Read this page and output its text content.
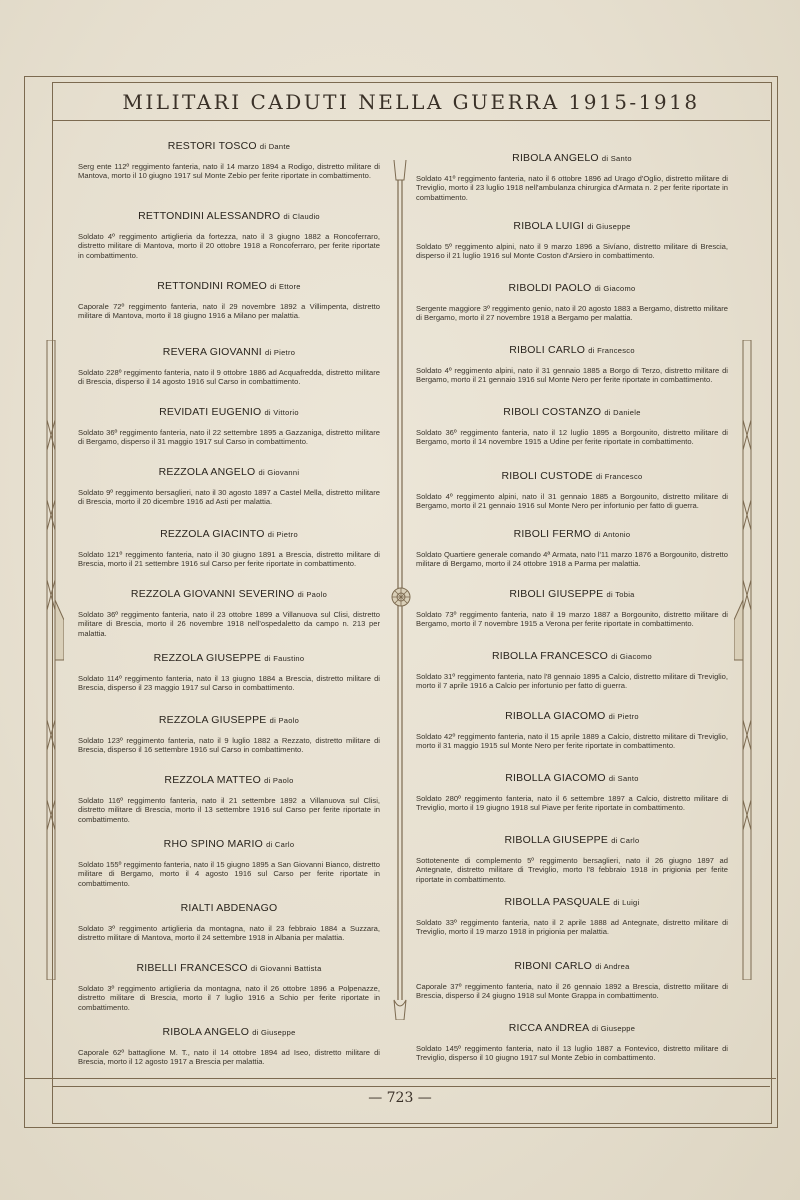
MILITARI CADUTI NELLA GUERRA 1915-1918
RESTORI TOSCO di Dante
Serg ente 112º reggimento fanteria, nato il 14 marzo 1894 a Rodigo, distretto militare di Mantova, morto il 10 giugno 1917 sul Monte Zebio per ferite riportate in combattimento.
RETTONDINI ALESSANDRO di Claudio
Soldato 4º reggimento artiglieria da fortezza, nato il 3 giugno 1882 a Roncoferraro, distretto militare di Mantova, morto il 20 ottobre 1918 a Roncoferraro, per ferite riportate in combattimento.
RETTONDINI ROMEO di Ettore
Caporale 72º reggimento fanteria, nato il 29 novembre 1892 a Villimpenta, distretto militare di Mantova, morto il 18 giugno 1916 a Milano per malattia.
REVERA GIOVANNI di Pietro
Soldato 228º reggimento fanteria, nato il 9 ottobre 1886 ad Acquafredda, distretto militare di Brescia, disperso il 14 agosto 1916 sul Carso in combattimento.
REVIDATI EUGENIO di Vittorio
Soldato 36º reggimento fanteria, nato il 22 settembre 1895 a Gazzaniga, distretto militare di Bergamo, disperso il 31 maggio 1917 sul Carso in combattimento.
REZZOLA ANGELO di Giovanni
Soldato 9º reggimento bersaglieri, nato il 30 agosto 1897 a Castel Mella, distretto militare di Brescia, morto il 20 dicembre 1916 ad Asti per malattia.
REZZOLA GIACINTO di Pietro
Soldato 121º reggimento fanteria, nato il 30 giugno 1891 a Brescia, distretto militare di Brescia, morto il 21 settembre 1916 sul Carso per ferite riportate in combattimento.
REZZOLA GIOVANNI SEVERINO di Paolo
Soldato 36º reggimento fanteria, nato il 23 ottobre 1899 a Villanuova sul Clisi, distretto militare di Brescia, morto il 26 novembre 1918 nell'ospedaletto da campo n. 213 per malattia.
REZZOLA GIUSEPPE di Faustino
Soldato 114º reggimento fanteria, nato il 13 giugno 1884 a Brescia, distretto militare di Brescia, disperso il 23 maggio 1917 sul Carso in combattimento.
REZZOLA GIUSEPPE di Paolo
Soldato 123º reggimento fanteria, nato il 9 luglio 1882 a Rezzato, distretto militare di Brescia, disperso il 16 settembre 1916 sul Carso in combattimento.
REZZOLA MATTEO di Paolo
Soldato 116º reggimento fanteria, nato il 21 settembre 1892 a Villanuova sul Clisi, distretto militare di Brescia, morto il 13 settembre 1916 sul Carso per ferite riportate in combattimento.
RHO SPINO MARIO di Carlo
Soldato 155º reggimento fanteria, nato il 15 giugno 1895 a San Giovanni Bianco, distretto militare di Bergamo, morto il 4 agosto 1916 sul Carso per ferite riportate in combattimento.
RIALTI ABDENAGO
Soldato 3º reggimento artiglieria da montagna, nato il 23 febbraio 1884 a Suzzara, distretto militare di Mantova, morto il 24 settembre 1918 in Albania per malattia.
RIBELLI FRANCESCO di Giovanni Battista
Soldato 3º reggimento artiglieria da montagna, nato il 26 ottobre 1896 a Polpenazze, distretto militare di Brescia, morto il 7 luglio 1916 a Schio per ferite riportate in combattimento.
RIBOLA ANGELO di Giuseppe
Caporale 62º battaglione M. T., nato il 14 ottobre 1894 ad Iseo, distretto militare di Brescia, morto il 12 agosto 1917 a Brescia per malattia.
RIBOLA ANGELO di Santo
Soldato 41º reggimento fanteria, nato il 6 ottobre 1896 ad Urago d'Oglio, distretto militare di Treviglio, morto il 23 luglio 1918 nell'ambulanza chirurgica d'Armata n. 2 per ferite riportate in combattimento.
RIBOLA LUIGI di Giuseppe
Soldato 5º reggimento alpini, nato il 9 marzo 1896 a Sivíano, distretto militare di Brescia, disperso il 21 luglio 1916 sul Monte Coston d'Arsiero in combattimento.
RIBOLDI PAOLO di Giacomo
Sergente maggiore 3º reggimento genio, nato il 20 agosto 1883 a Bergamo, distretto militare di Bergamo, morto il 27 novembre 1918 a Bergamo per malattia.
RIBOLI CARLO di Francesco
Soldato 4º reggimento alpini, nato il 31 gennaio 1885 a Borgo di Terzo, distretto militare di Bergamo, morto il 21 gennaio 1916 sul Monte Nero per ferite riportate in combattimento.
RIBOLI COSTANZO di Daniele
Soldato 36º reggimento fanteria, nato il 12 luglio 1895 a Borgounito, distretto militare di Bergamo, morto il 14 novembre 1915 a Udine per ferite riportate in combattimento.
RIBOLI CUSTODE di Francesco
Soldato 4º reggimento alpini, nato il 31 gennaio 1885 a Borgounito, distretto militare di Bergamo, morto il 21 gennaio 1916 sul Monte Nero per infortunio per fatto di guerra.
RIBOLI FERMO di Antonio
Soldato Quartiere generale comando 4ª Armata, nato l'11 marzo 1876 a Borgounito, distretto militare di Bergamo, morto il 24 ottobre 1918 a Parma per malattia.
RIBOLI GIUSEPPE di Tobia
Soldato 73º reggimento fanteria, nato il 19 marzo 1887 a Borgounito, distretto militare di Bergamo, morto il 7 novembre 1915 a Verona per ferite riportate in combattimento.
RIBOLLA FRANCESCO di Giacomo
Soldato 31º reggimento fanteria, nato l'8 gennaio 1895 a Calcio, distretto militare di Treviglio, morto il 7 aprile 1916 a Calcio per infortunio per fatto di guerra.
RIBOLLA GIACOMO di Pietro
Soldato 42º reggimento fanteria, nato il 15 aprile 1889 a Calcio, distretto militare di Treviglio, morto il 31 maggio 1915 sul Monte Nero per ferite riportate in combattimento.
RIBOLLA GIACOMO di Santo
Soldato 280º reggimento fanteria, nato il 6 settembre 1897 a Calcio, distretto militare di Treviglio, morto il 19 giugno 1918 sul Piave per ferite riportate in combattimento.
RIBOLLA GIUSEPPE di Carlo
Sottotenente di complemento 5º reggimento bersaglieri, nato il 26 giugno 1897 ad Antegnate, distretto militare di Treviglio, morto l'8 febbraio 1918 in prigionia per ferite riportate in combattimento.
RIBOLLA PASQUALE di Luigi
Soldato 33º reggimento fanteria, nato il 2 aprile 1888 ad Antegnate, distretto militare di Treviglio, morto il 19 marzo 1918 in prigionia per malattia.
RIBONI CARLO di Andrea
Caporale 37º reggimento fanteria, nato il 26 gennaio 1892 a Brescia, distretto militare di Brescia, disperso il 24 giugno 1918 sul Monte Grappa in combattimento.
RICCA ANDREA di Giuseppe
Soldato 145º reggimento fanteria, nato il 13 luglio 1887 a Fontevico, distretto militare di Treviglio, disperso il 10 giugno 1917 sul Monte Zebio in combattimento.
— 723 —
